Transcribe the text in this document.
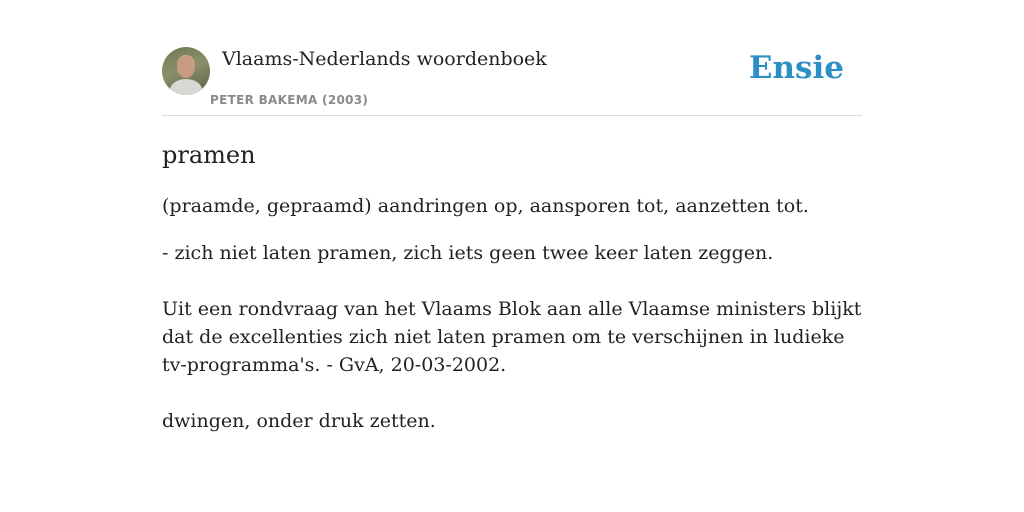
Vlaams-Nederlands woordenboek
PETER BAKEMA (2003)
Ensie
pramen

(praamde, gepraamd) aandringen op, aansporen tot, aanzetten tot.

- zich niet laten pramen, zich iets geen twee keer laten zeggen.

Uit een rondvraag van het Vlaams Blok aan alle Vlaamse ministers blijkt dat de excellenties zich niet laten pramen om te verschijnen in ludieke tv-programma's. - GvA, 20-03-2002.

dwingen, onder druk zetten.
